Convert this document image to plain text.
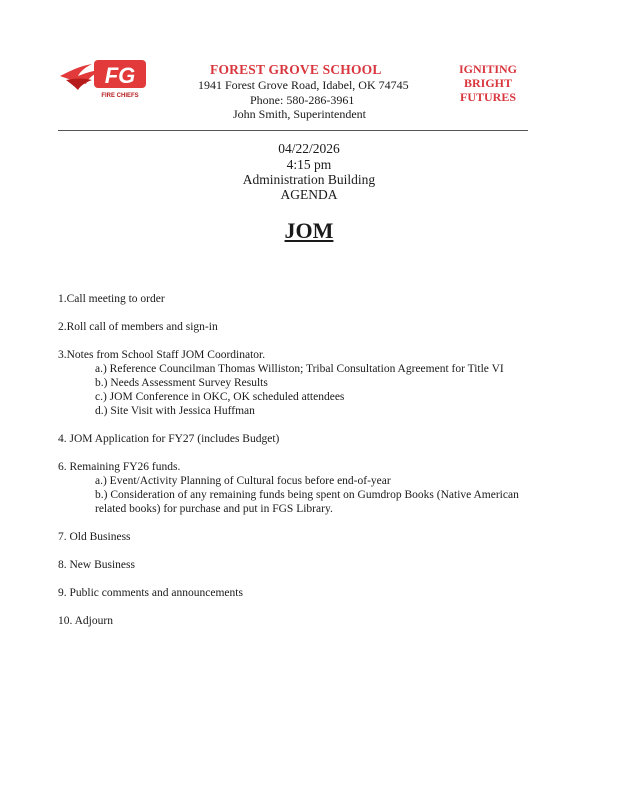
FG
FIRE CHIEFS
FOREST GROVE SCHOOL
1941 Forest Grove Road, Idabel, OK 74745
Phone: 580-286-3961
John Smith, Superintendent
IGNITING
BRIGHT
FUTURES
04/22/2026
4:15 pm
Administration Building
AGENDA
JOM
1.Call meeting to order
2.Roll call of members and sign-in
3.Notes from School Staff JOM Coordinator.
a.) Reference Councilman Thomas Williston; Tribal Consultation Agreement for Title VI
b.) Needs Assessment Survey Results
c.) JOM Conference in OKC, OK scheduled attendees
d.) Site Visit with Jessica Huffman
4. JOM Application for FY27 (includes Budget)
6. Remaining FY26 funds.
a.) Event/Activity Planning of Cultural focus before end-of-year
b.) Consideration of any remaining funds being spent on Gumdrop Books (Native American
related books) for purchase and put in FGS Library.
7. Old Business
8. New Business
9. Public comments and announcements
10. Adjourn
